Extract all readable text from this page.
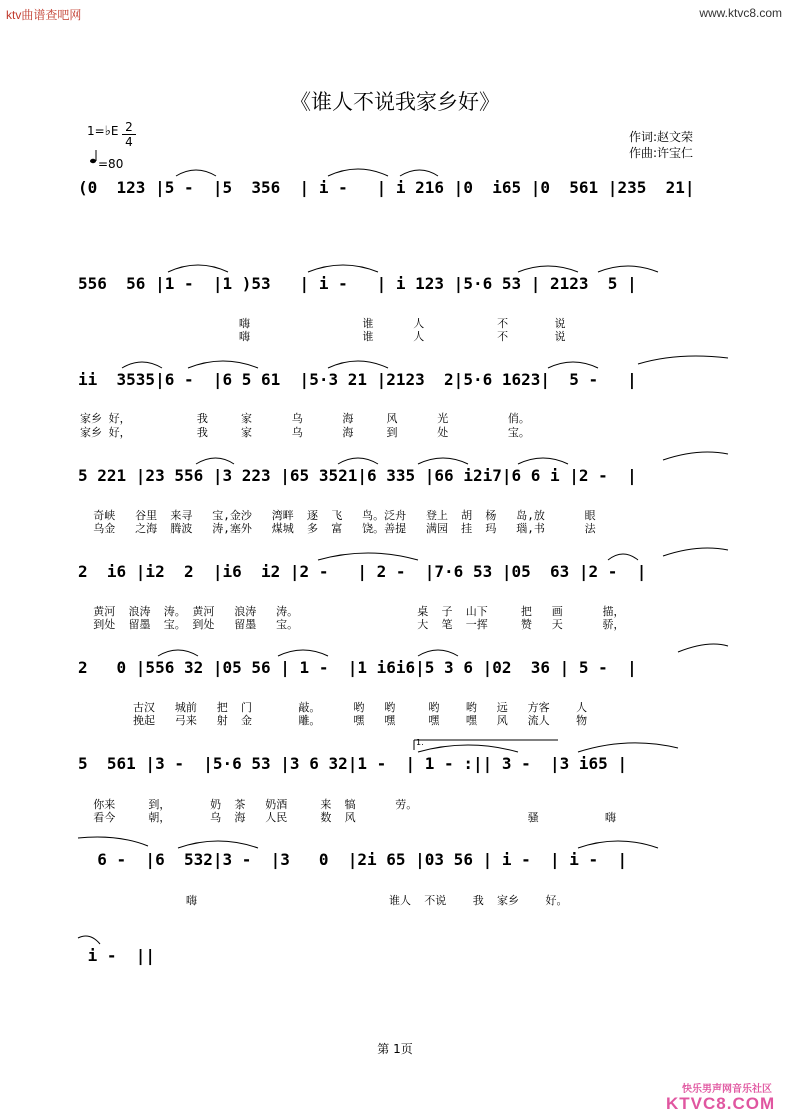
ktv曲谱查吧网	www.ktvc8.com
《谁人不说我家乡好》
1=♭E 2
4
=80
作词:赵文荣
作曲:许宝仁
(0  123 |5 -  |5  356  | i -   | i 216 |0  i65 |0  561 |235  21|
556  56 |1 -  |1 )53   | i -   | i 123 |5·6 53 | 2123  5 |
嗨                 谁      人           不       说
嗨                 谁      人           不       说
ii  3535|6 -  |6 5 61  |5·3 21 |2123  2|5·6 1623|  5 -   |
家乡 好，          我     家      乌      海     风      光         俏。
家乡 好，          我     家      乌      海     到      处         宝。
5 221 |23 556 |3 223 |65 3521|6 335 |66 i2i7|6 6 i |2 -  |
奇峡   谷里  来寻   宝,金沙   湾畔  逐  飞   鸟。泛舟   登上  胡  杨   岛,放      眼
乌金   之海  腾波   涛,塞外   煤城  多  富   饶。善提   满园  挂  玛   瑙,书      法
2  i6 |i2  2  |i6  i2 |2 -   | 2 -  |7·6 53 |05  63 |2 -  |
黄河  浪涛  涛。 黄河   浪涛   涛。                  桌  子  山下     把   画      描，
到处  留墨  宝。 到处   留墨   宝。                  大  笔  一挥     赞   天      骄，
2   0 |556 32 |05 56 | 1 -  |1 i6i6|5 3 6 |02  36 | 5 -  |
古汉   城前   把  门       敲。     哟   哟     哟    哟   远   方客    人
挽起   弓来   射  金       雕。     嘿   嘿     嘿    嘿   风   流人    物
1.
5  561 |3 -  |5·6 53 |3 6 32|1 -  | 1 - :|| 3 -  |3 i65 |
你来     到，      奶  茶   奶酒     来  犒      劳。
看今     朝，      乌  海   人民     数  风                          骚          嗨
6 -  |6  532|3 -  |3   0  |2i 65 |03 56 | i -  | i -  |
嗨                             谁人  不说    我  家乡    好。
i -  ||
第 1页
快乐男声网音乐社区
KTVC8.COM
